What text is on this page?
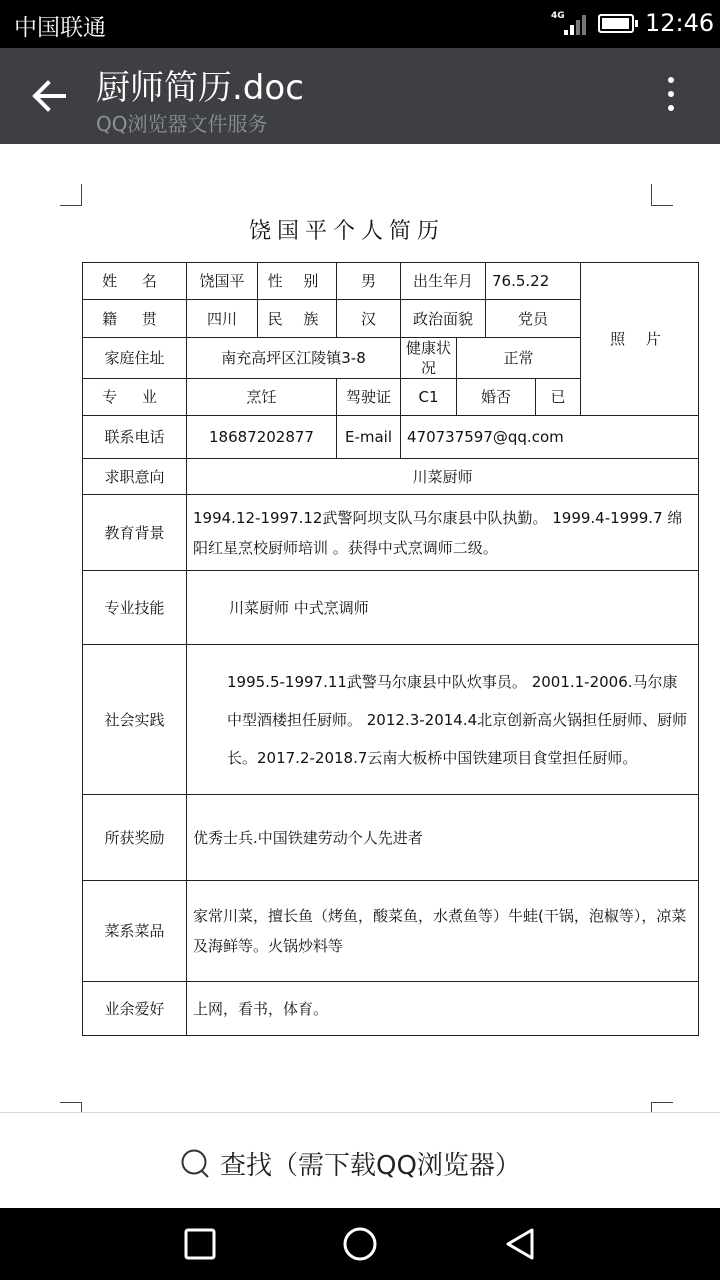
中国联通	4G	12:46
厨师简历.doc
QQ浏览器文件服务
饶国平个人简历
姓 名	饶国平	性 别	男	出生年月		76.5.22		照 片
籍 贯	四川	民 族	汉	政治面貌		党员		
家庭住址	南充高坪区江陵镇3-8			健康状况	正常			
专 业	烹饪		驾驶证	C1	婚否		已	
联系电话	18687202877		E-mail	470737597@qq.com				
求职意向	川菜厨师							
教育背景	1994.12-1997.12武警阿坝支队马尔康县中队执勤。 1999.4-1999.7 绵阳红星烹校厨师培训 。获得中式烹调师二级。							
专业技能	川菜厨师 中式烹调师							
社会实践	1995.5-1997.11武警马尔康县中队炊事员。 2001.1-2006.马尔康中型酒楼担任厨师。 2012.3-2014.4北京创新高火锅担任厨师、厨师长。2017.2-2018.7云南大板桥中国铁建项目食堂担任厨师。							
所获奖励	优秀士兵.中国铁建劳动个人先进者							
菜系菜品	家常川菜，擅长鱼（烤鱼，酸菜鱼，水煮鱼等）牛蛙(干锅，泡椒等），凉菜及海鲜等。火锅炒料等							
业余爱好	上网，看书，体育。							
查找（需下载QQ浏览器）
